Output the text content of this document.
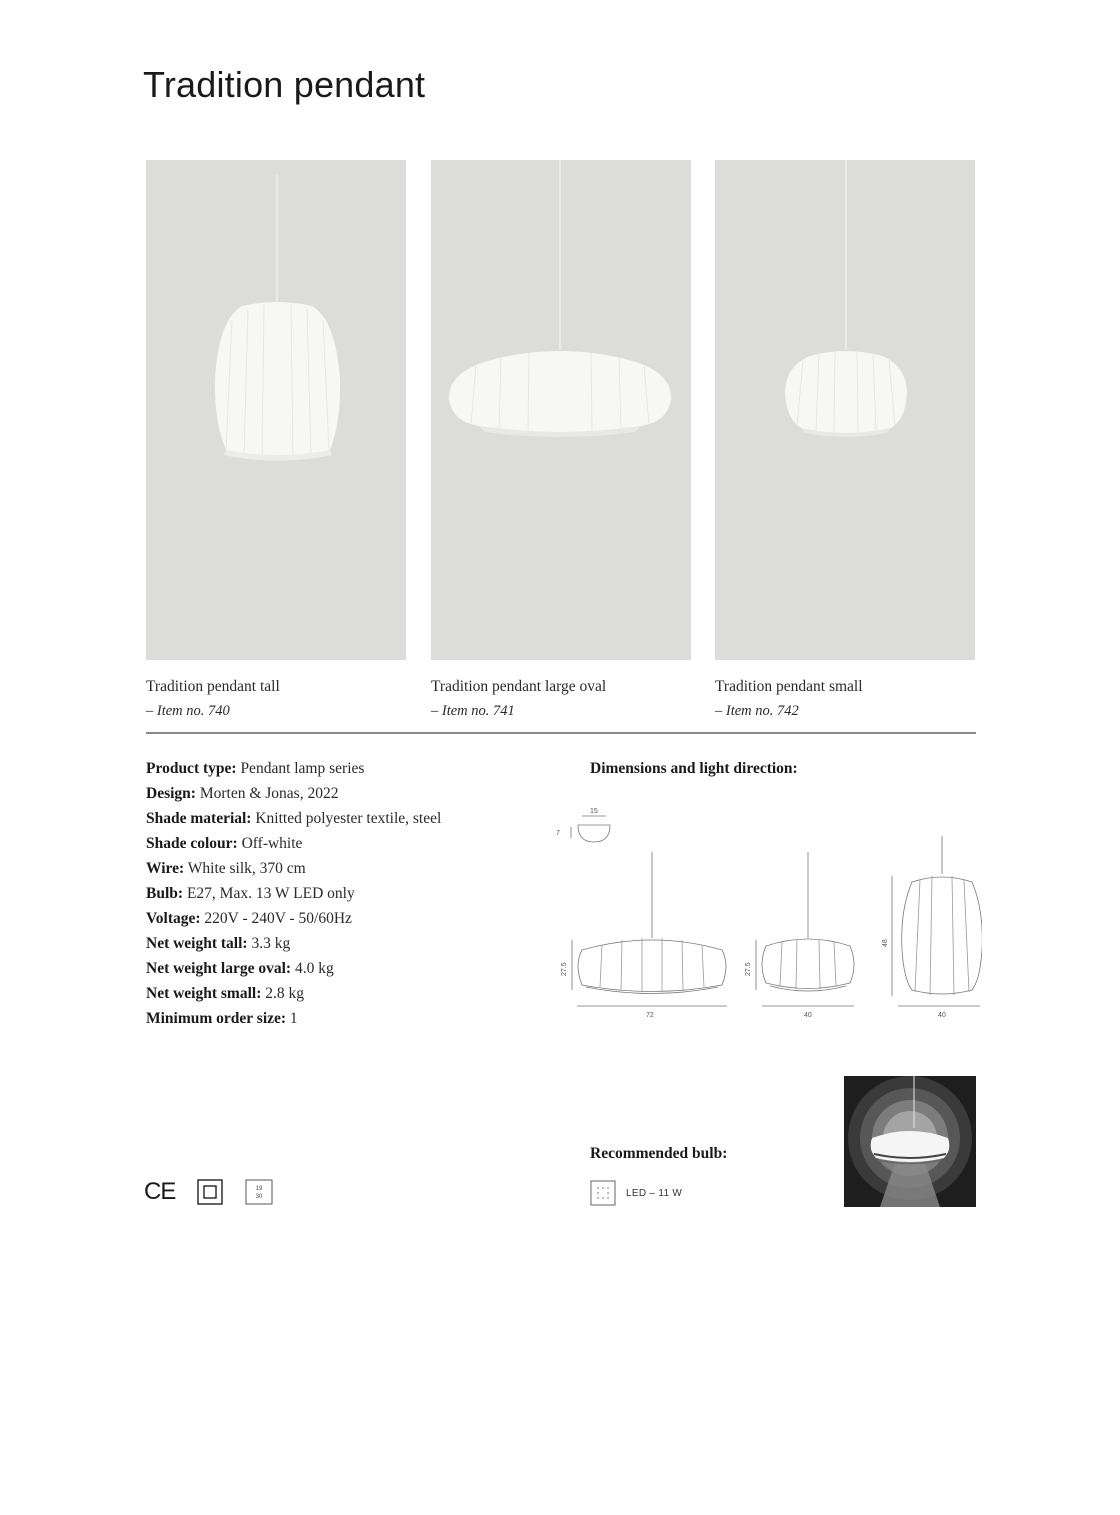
Tradition pendant
Tradition pendant tall
– Item no. 740
Tradition pendant large oval
– Item no. 741
Tradition pendant small
– Item no. 742

Product type: Pendant lamp series

Design: Morten & Jonas, 2022

Shade material: Knitted polyester textile, steel

Shade colour: Off-white

Wire: White silk, 370 cm

Bulb: E27, Max. 13 W LED only

Voltage: 220V - 240V - 50/60Hz

Net weight tall: 3.3 kg

Net weight large oval: 4.0 kg

Net weight small: 2.8 kg

Minimum order size: 1

Dimensions and light direction:
15
7
27.5
72
27.5
40
48
40
Recommended bulb:
LED – 11 W
CE	19
30
